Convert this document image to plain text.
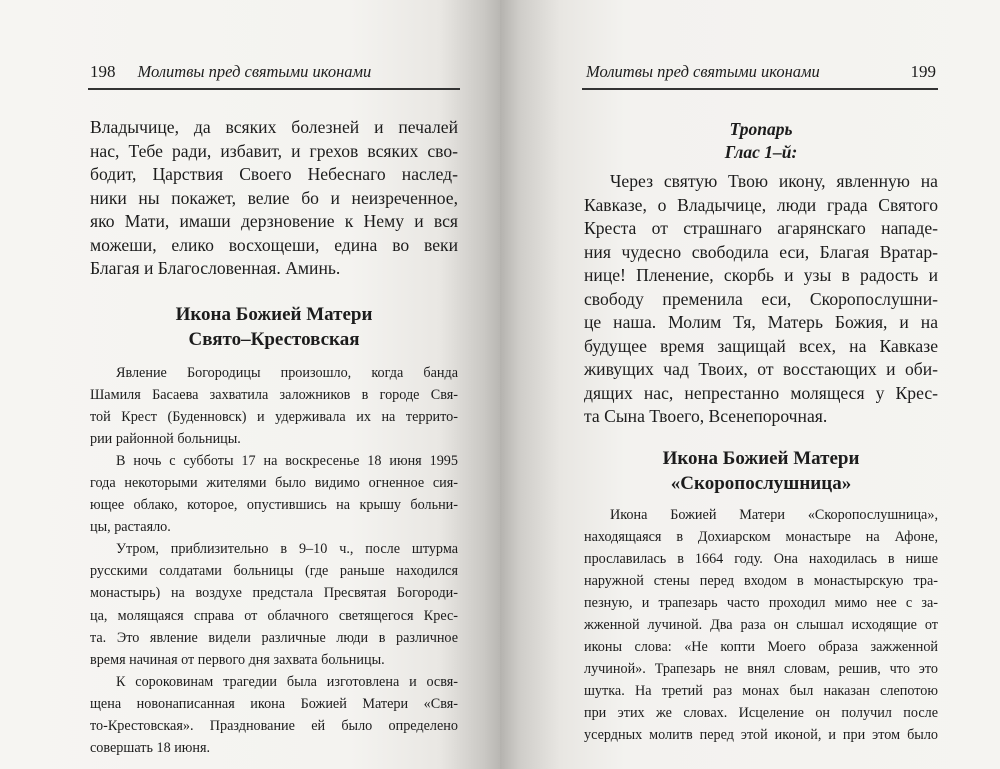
198 Молитвы пред святыми иконами
Владычице, да всяких болезней и печалей
нас, Тебе ради, избавит, и грехов всяких сво-
бодит, Царствия Своего Небеснаго наслед-
ники ны покажет, велие бо и неизреченное,
яко Мати, имаши дерзновение к Нему и вся
можеши, елико восхощеши, едина во веки
Благая и Благословенная. Аминь.

Икона Божией Матери

Свято–Крестовская

Явление Богородицы произошло, когда банда
Шамиля Басаева захватила заложников в городе Свя-
той Крест (Буденновск) и удерживала их на террито-
рии районной больницы.
В ночь с субботы 17 на воскресенье 18 июня 1995
года некоторыми жителями было видимо огненное сия-
ющее облако, которое, опустившись на крышу больни-
цы, растаяло.
Утром, приблизительно в 9–10 ч., после штурма
русскими солдатами больницы (где раньше находился
монастырь) на воздухе предстала Пресвятая Богороди-
ца, молящаяся справа от облачного светящегося Крес-
та. Это явление видели различные люди в различное
время начиная от первого дня захвата больницы.
К сороковинам трагедии была изготовлена и освя-
щена новонаписанная икона Божией Матери «Свя-
то-Крестовская». Празднование ей было определено
совершать 18 июня.
Молитвы пред святыми иконами	199

Тропарь

Глас 1–й:

Через святую Твою икону, явленную на
Кавказе, о Владычице, люди града Святого
Креста от страшнаго агарянскаго нападе-
ния чудесно свободила еси, Благая Вратар-
нице! Пленение, скорбь и узы в радость и
свободу пременила еси, Скоропослушни-
це наша. Молим Тя, Матерь Божия, и на
будущее время защищай всех, на Кавказе
живущих чад Твоих, от восстающих и оби-
дящих нас, непрестанно молящеся у Крес-
та Сына Твоего, Всенепорочная.

Икона Божией Матери

«Скоропослушница»

Икона Божией Матери «Скоропослушница»,
находящаяся в Дохиарском монастыре на Афоне,
прославилась в 1664 году. Она находилась в нише
наружной стены перед входом в монастырскую тра-
пезную, и трапезарь часто проходил мимо нее с за-
жженной лучиной. Два раза он слышал исходящие от
иконы слова: «Не копти Моего образа зажженной
лучиной». Трапезарь не внял словам, решив, что это
шутка. На третий раз монах был наказан слепотою
при этих же словах. Исцеление он получил после
усердных молитв перед этой иконой, и при этом было
